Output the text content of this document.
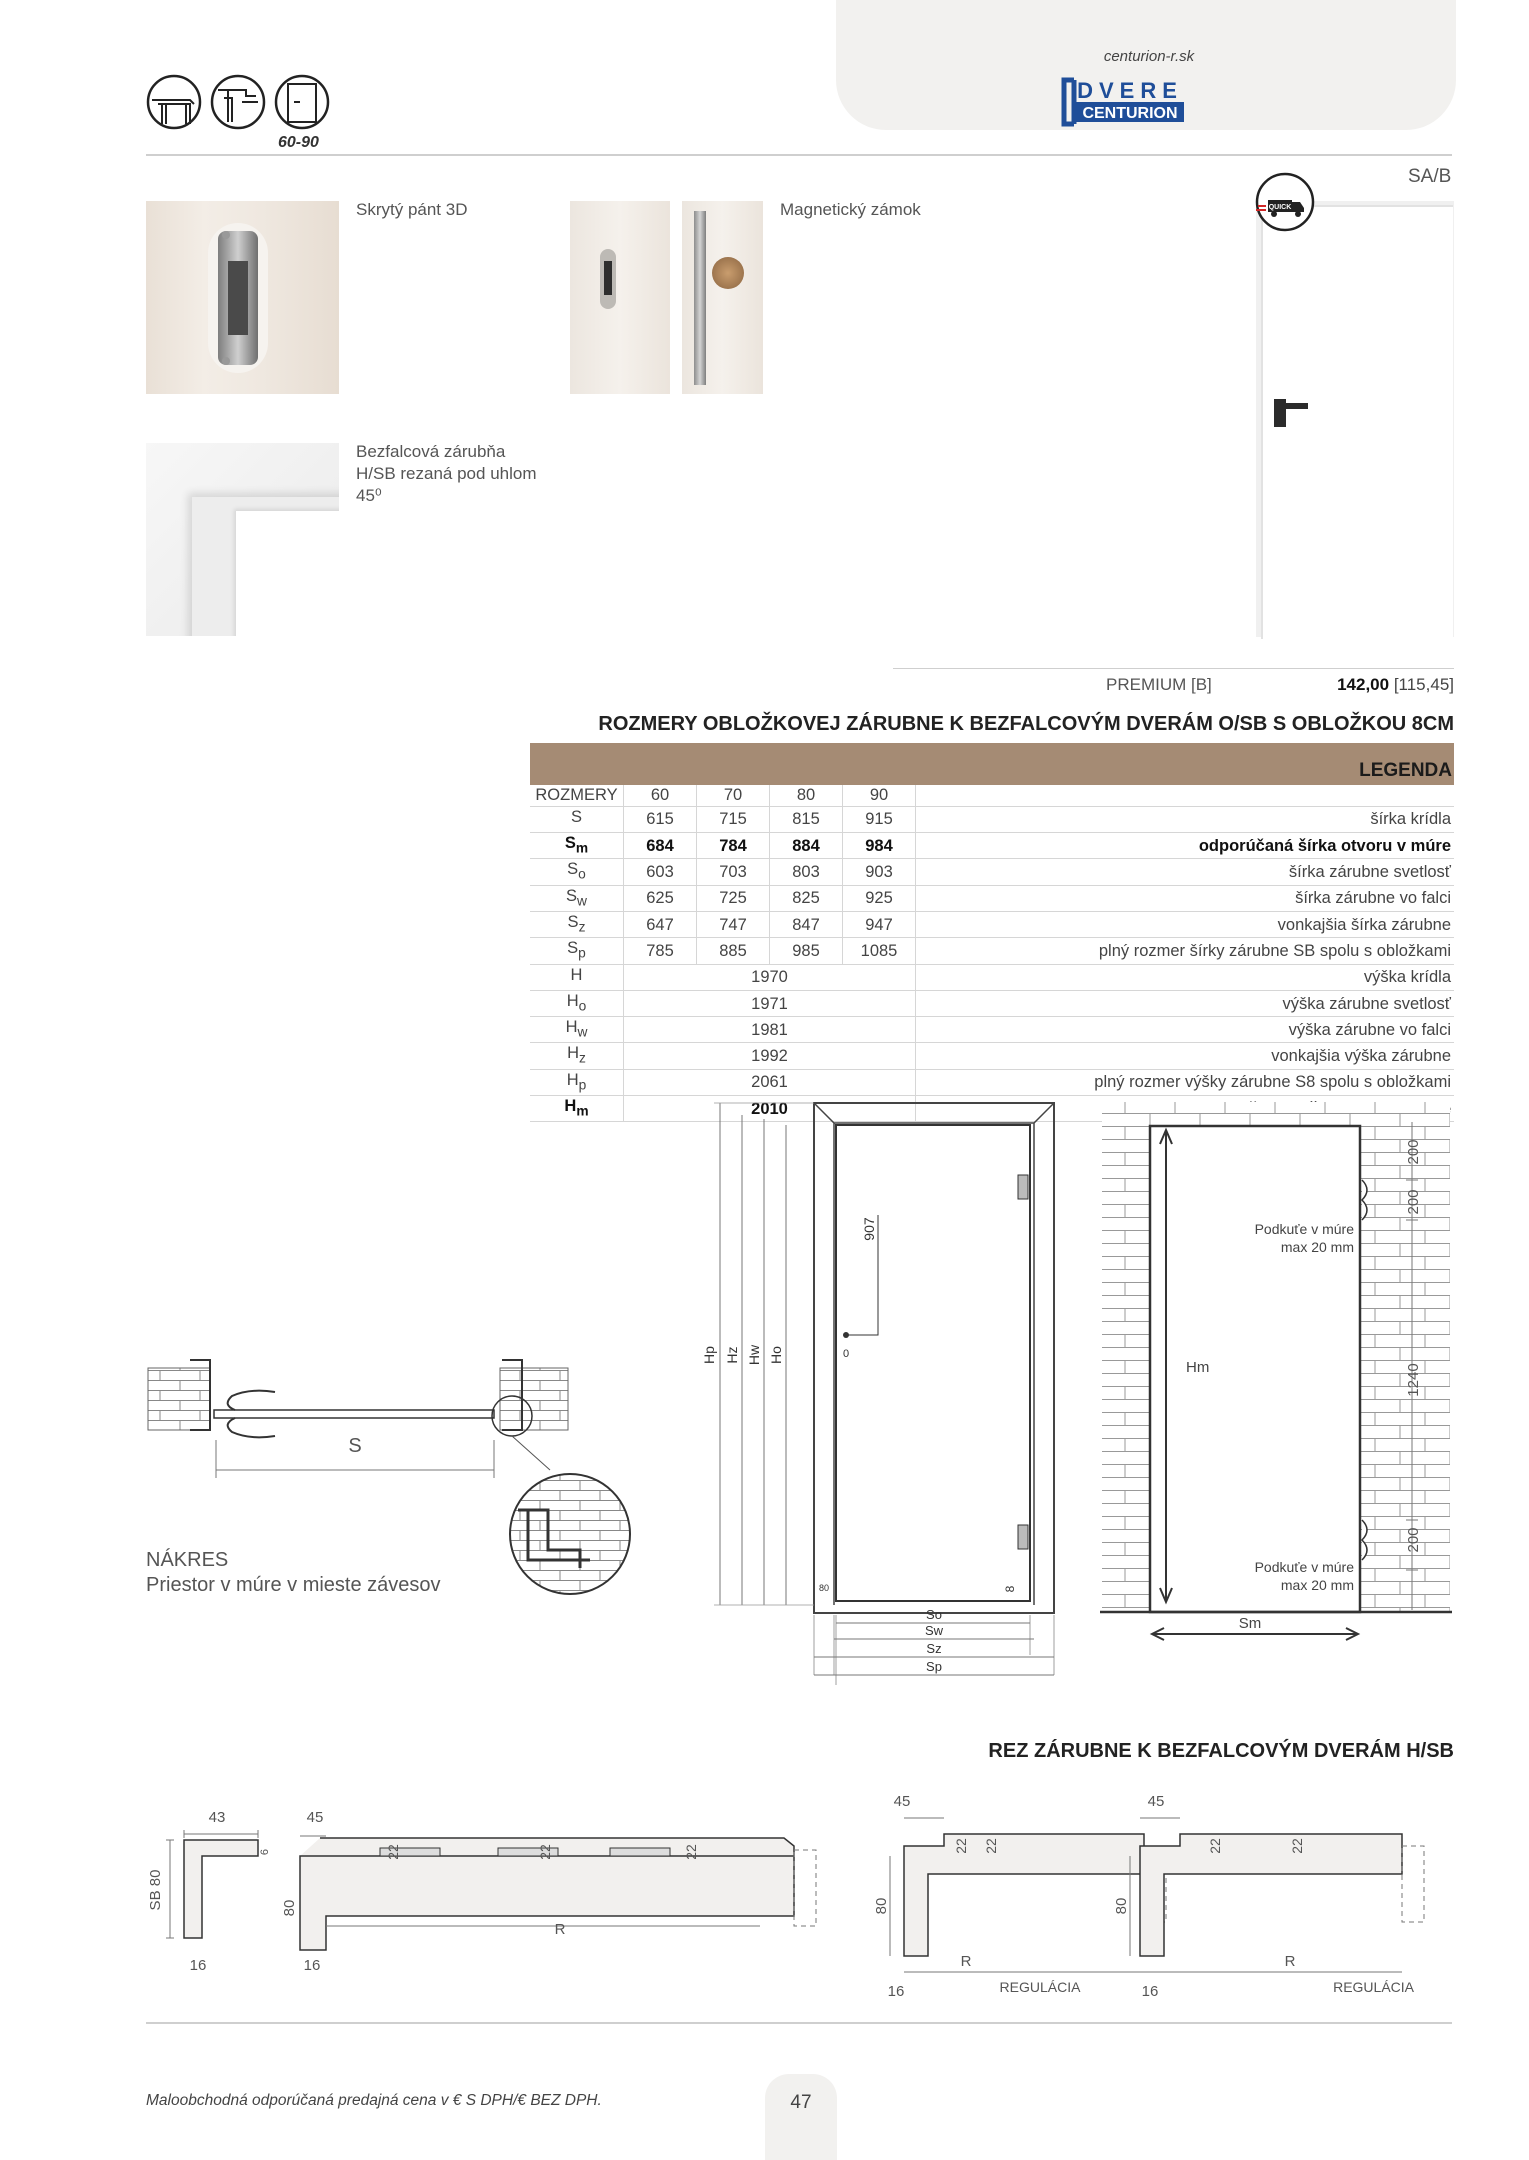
centurion-r.sk
DVERE
CENTURION
60-90
Skrytý pánt 3D	Magnetický zámok
Bezfalcová zárubňa
H/SB rezaná pod uhlom
45⁰
SA/B
QUICK
PREMIUM [B]	142,00 [115,45]
ROZMERY OBLOŽKOVEJ ZÁRUBNE K BEZFALCOVÝM DVERÁM O/SB S OBLOŽKOU 8CM
					LEGENDA
ROZMERY	60	70	80	90	
S	615	715	815	915	šírka krídla
$S_m$	684	784	884	984	odporúčaná šírka otvoru v múre
$S_o$	603	703	803	903	šírka zárubne svetlosť
$S_w$	625	725	825	925	šírka zárubne vo falci
$S_z$	647	747	847	947	vonkajšia šírka zárubne
$S_p$	785	885	985	1085	plný rozmer šírky zárubne SB spolu s obložkami
H	1970				výška krídla
$H_o$	1971				výška zárubne svetlosť
$H_w$	1981				výška zárubne vo falci
$H_z$	1992				vonkajšia výška zárubne
$H_p$	2061				plný rozmer výšky zárubne S8 spolu s obložkami
$H_m$	2010	
S
NÁKRES
Priestor v múre v mieste závesov
Hp Hz Hw Ho
907
0
80	8
So
Sw
Sz
Sp
200
200
1240
200
Podkuťe v múre
max 20 mm
Podkuťe v múre
max 20 mm
Hm
Sm
REZ ZÁRUBNE K BEZFALCOVÝM DVERÁM H/SB
43
6
SB 80
16
45
80
22	22	22
R
16
45
80
22 22
R
16	REGULÁCIA
45
80
22	22
R
16	REGULÁCIA
Maloobchodná odporúčaná predajná cena v € S DPH/€ BEZ DPH.	47
